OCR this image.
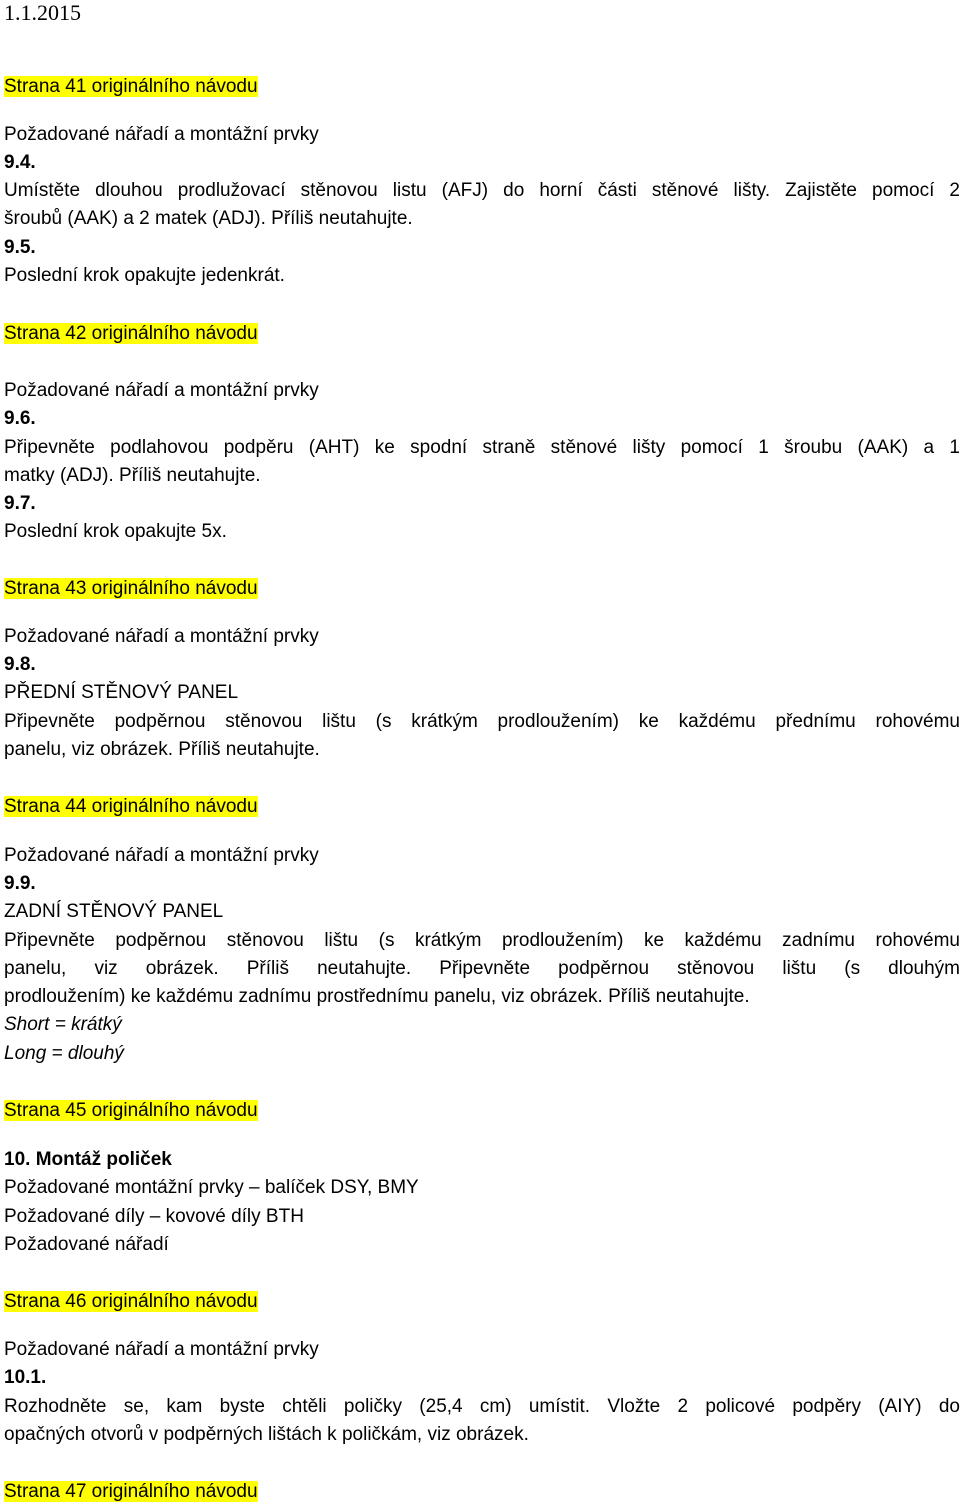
1.1.2015
Strana 41 originálního návodu
Požadované nářadí a montážní prvky
9.4.
Umístěte dlouhou prodlužovací stěnovou listu (AFJ) do horní části stěnové lišty. Zajistěte pomocí 2
šroubů (AAK) a 2 matek (ADJ). Příliš neutahujte.
9.5.
Poslední krok opakujte jedenkrát.
Strana 42 originálního návodu
Požadované nářadí a montážní prvky
9.6.
Připevněte podlahovou podpěru (AHT) ke spodní straně stěnové lišty pomocí 1 šroubu (AAK) a 1
matky (ADJ). Příliš neutahujte.
9.7.
Poslední krok opakujte 5x.
Strana 43 originálního návodu
Požadované nářadí a montážní prvky
9.8.
PŘEDNÍ STĚNOVÝ PANEL
Připevněte podpěrnou stěnovou lištu (s krátkým prodloužením) ke každému přednímu rohovému
panelu, viz obrázek. Příliš neutahujte.
Strana 44 originálního návodu
Požadované nářadí a montážní prvky
9.9.
ZADNÍ STĚNOVÝ PANEL
Připevněte podpěrnou stěnovou lištu (s krátkým prodloužením) ke každému zadnímu rohovému
panelu, viz obrázek. Příliš neutahujte. Připevněte podpěrnou stěnovou lištu (s dlouhým
prodloužením) ke každému zadnímu prostřednímu panelu, viz obrázek. Příliš neutahujte.
Short = krátký
Long = dlouhý
Strana 45 originálního návodu
10. Montáž poliček
Požadované montážní prvky – balíček DSY, BMY
Požadované díly – kovové díly BTH
Požadované nářadí
Strana 46 originálního návodu
Požadované nářadí a montážní prvky
10.1.
Rozhodněte se, kam byste chtěli poličky (25,4 cm) umístit. Vložte 2 policové podpěry (AIY) do
opačných otvorů v podpěrných lištách k poličkám, viz obrázek.
Strana 47 originálního návodu
